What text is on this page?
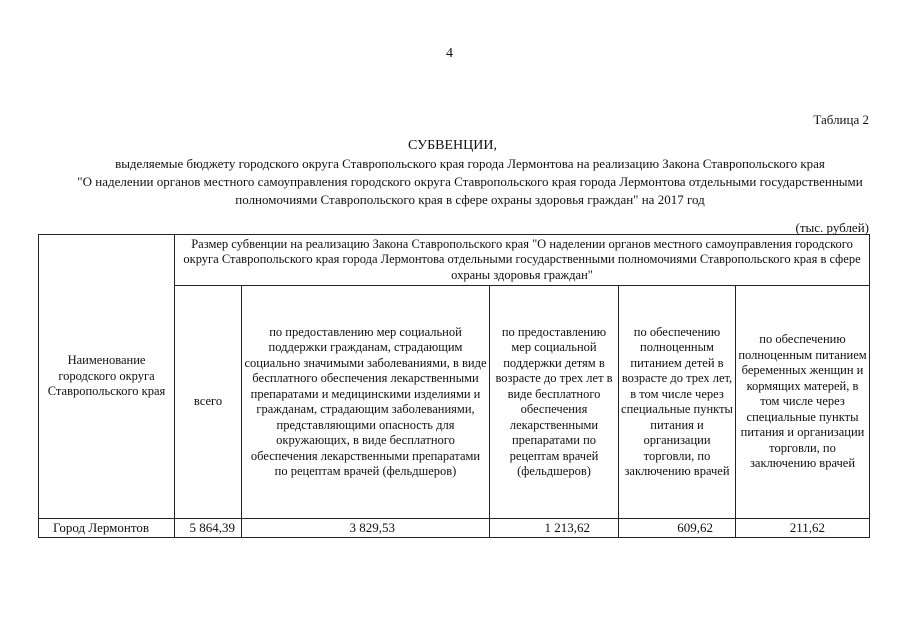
4
Таблица 2
СУБВЕНЦИИ,
выделяемые бюджету городского округа Ставропольского края города Лермонтова на реализацию Закона Ставропольского края
"О наделении органов местного самоуправления городского округа Ставропольского края города Лермонтова отдельными государственными
полномочиями Ставропольского края в сфере охраны здоровья граждан" на 2017 год
(тыс. рублей)
Наименование городского округа Ставропольского края	Размер субвенции на реализацию Закона Ставропольского края "О наделении органов местного самоуправления городского округа Ставропольского края города Лермонтова отдельными государственными полномочиями Ставропольского края в сфере охраны здоровья граждан"				
	всего	по предоставлению мер социальной поддержки гражданам, страдающим социально значимыми заболеваниями, в виде бесплатного обеспечения лекарственными препаратами и медицинскими изделиями и гражданам, страдающим заболеваниями, представляющими опасность для окружающих, в виде бесплатного обеспечения лекарственными препаратами по рецептам врачей (фельдшеров)	по предоставлению мер социальной поддержки детям в возрасте до трех лет в виде бесплатного обеспечения лекарственными препаратами по рецептам врачей (фельдшеров)	по обеспечению полноценным питанием детей в возрасте до трех лет, в том числе через специальные пункты питания и организации торговли, по заключению врачей	по обеспечению полноценным питанием беременных женщин и кормящих матерей, в том числе через специальные пункты питания и организации торговли, по заключению врачей
Город Лермонтов	5 864,39	3 829,53	1 213,62	609,62	211,62
